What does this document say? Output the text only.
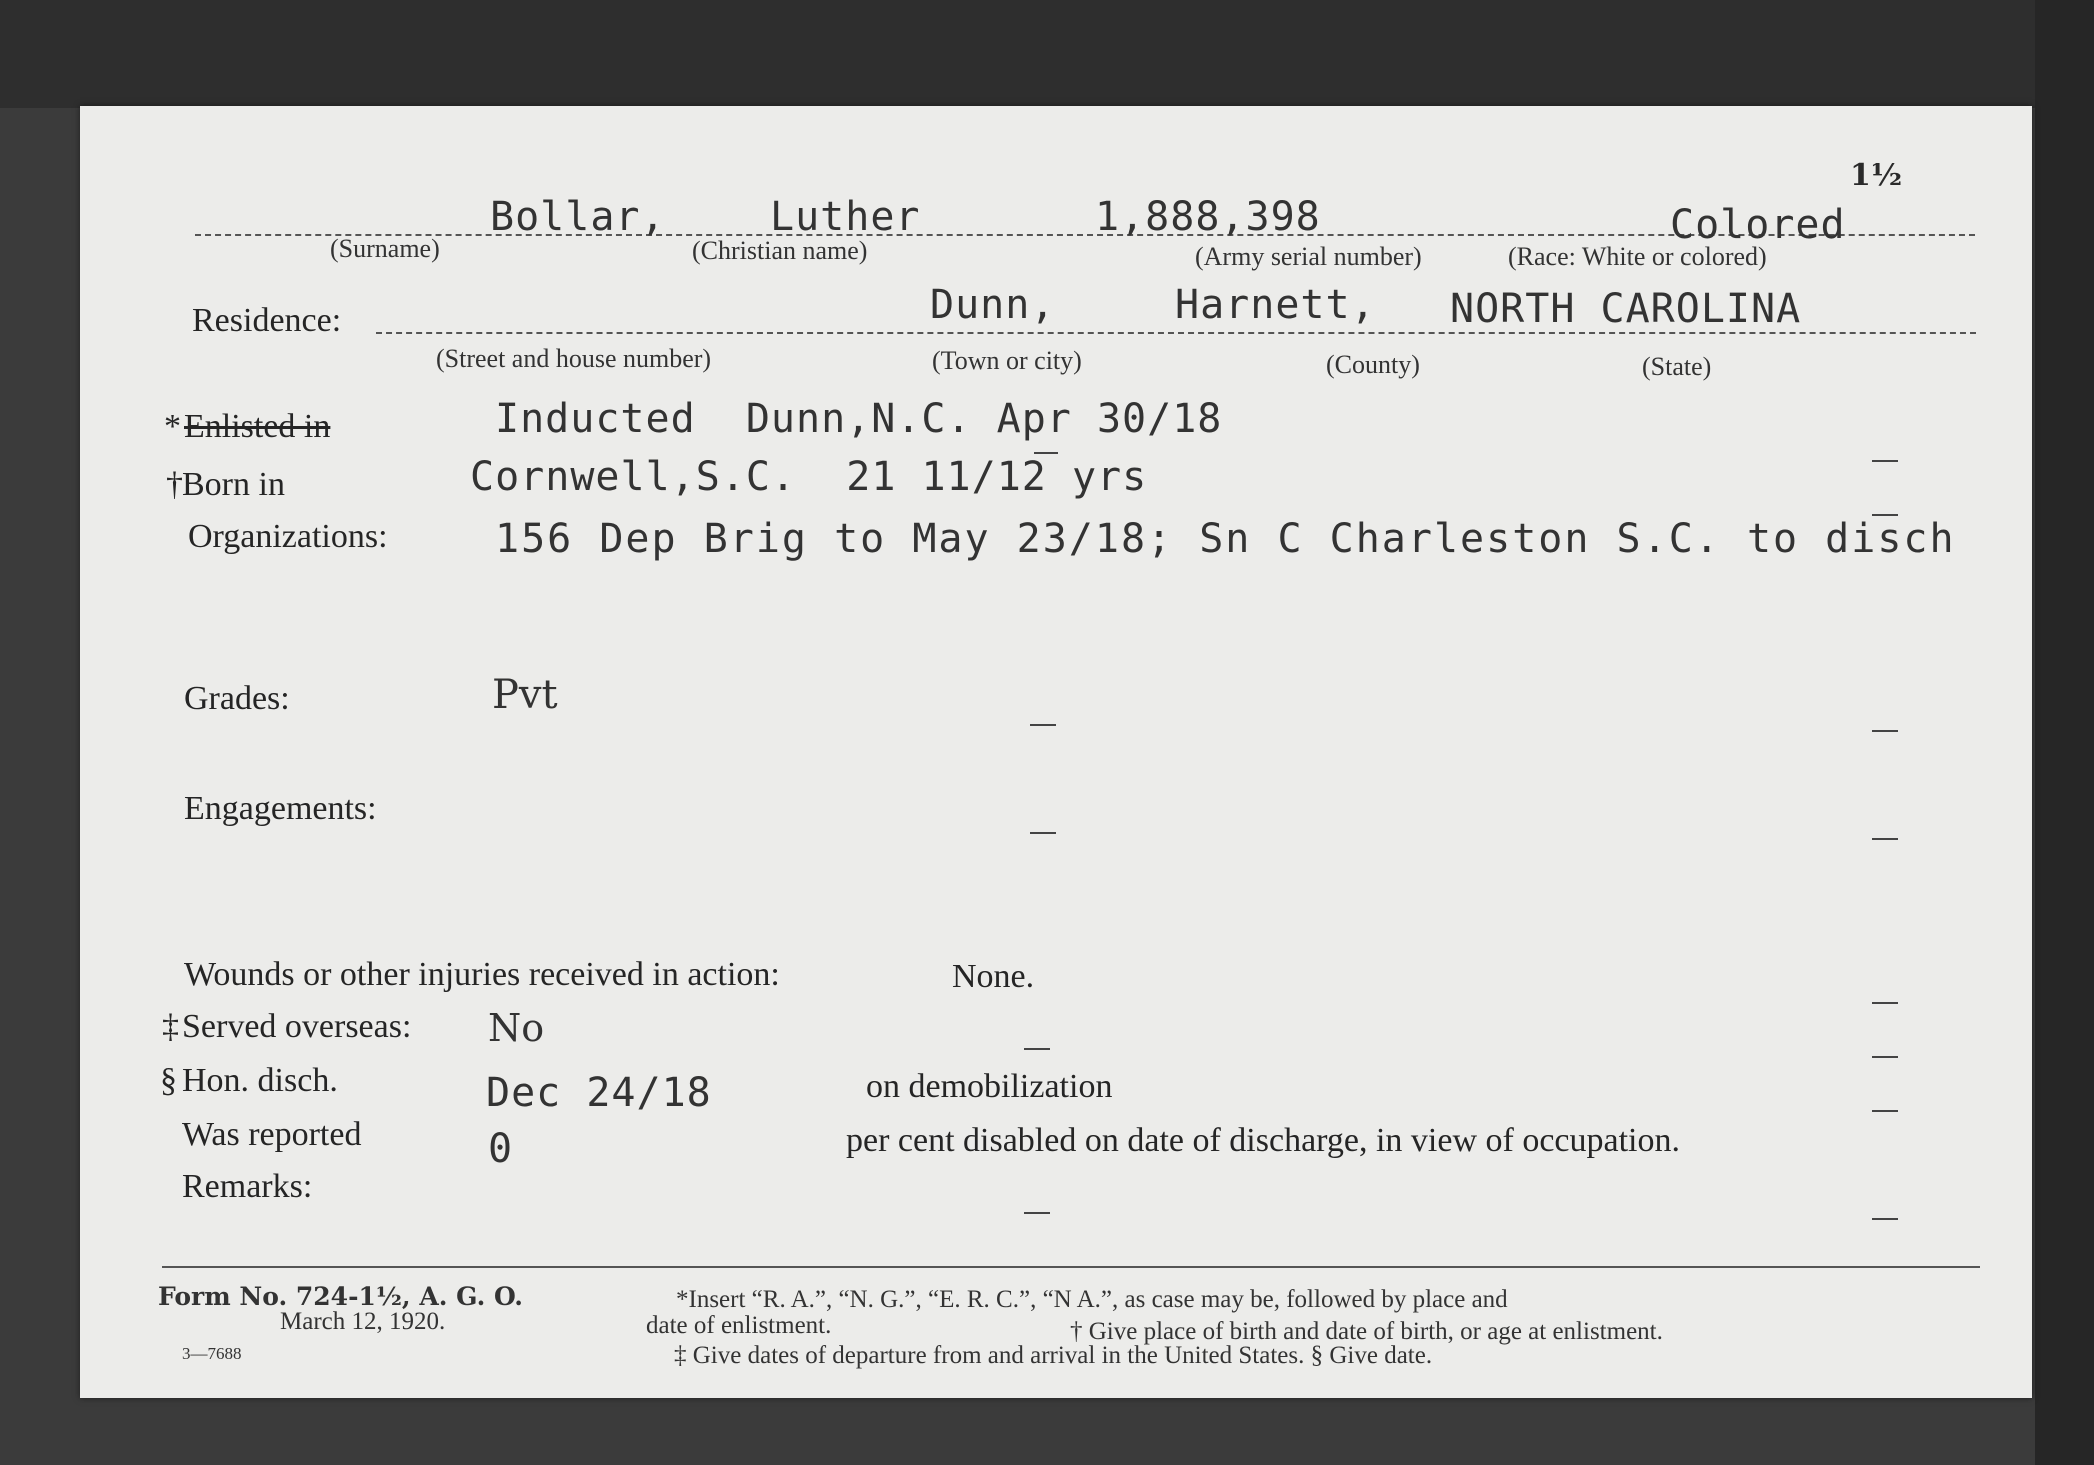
1½
Bollar,	Luther	1,888,398	Colored
(Surname)	(Christian name)	(Army serial number)	(Race: White or colored)
Residence:	Dunn,	Harnett, NORTH CAROLINA
(Street and house number)	(Town or city)	(County)	(State)
* Enlisted in	Inducted  Dunn,N.C. Apr 30/18
† Born in	Cornwell,S.C.  21 11/12 yrs
Organizations:	156 Dep Brig to May 23/18; Sn C Charleston S.C. to disch
Grades:	Pvt
Engagements:
Wounds or other injuries received in action:	None.
‡ Served overseas: No
§ Hon. disch.	Dec 24/18	on demobilization
Was reported	0	per cent disabled on date of discharge, in view of occupation.
Remarks:
Form No. 724-1½, A. G. O.
March 12, 1920.
3—7688
*Insert “R. A.”, “N. G.”, “E. R. C.”, “N A.”, as case may be, followed by place and
date of enlistment.	† Give place of birth and date of birth, or age at enlistment.
‡ Give dates of departure from and arrival in the United States. § Give date.
